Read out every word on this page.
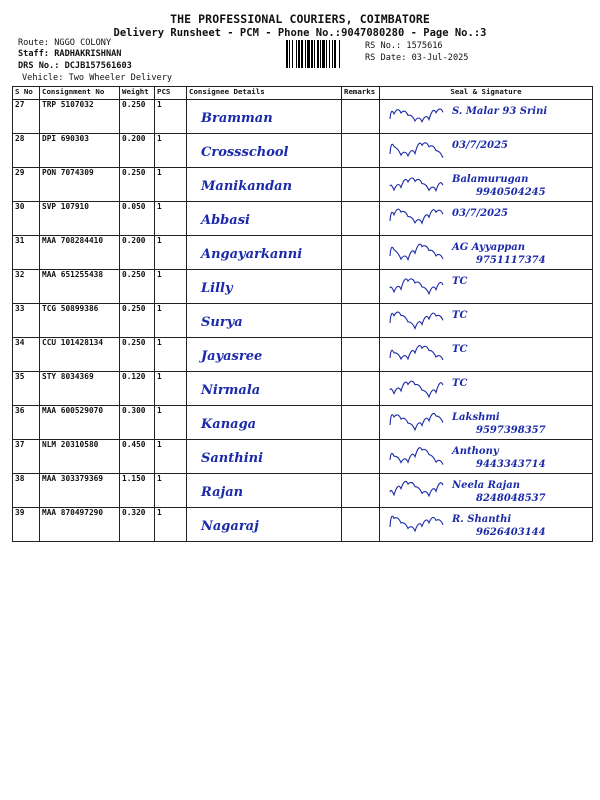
THE PROFESSIONAL COURIERS, COIMBATORE
Delivery Runsheet - PCM - Phone No.:9047080280 - Page No.:3
Route: NGGO COLONY
Staff: RADHAKRISHNAN
DRS No.: DCJB157561603
Vehicle: Two Wheeler Delivery
RS No.: 1575616
RS Date: 03-Jul-2025
S No	Consignment No	Weight	PCS	Consignee Details	Remarks	Seal & Signature
27	TRP 5107032	0.250	1	Bramman		S. Malar 93 Srini

28	DPI 690303	0.200	1	Crossschool		03/7/2025

29	PON 7074309	0.250	1	Manikandan		Balamurugan
9940504245

30	SVP 107910	0.050	1	Abbasi		03/7/2025

31	MAA 708284410	0.200	1	Angayarkanni		AG Ayyappan
9751117374

32	MAA 651255438	0.250	1	Lilly		TC

33	TCG 50899386	0.250	1	Surya		TC

34	CCU 101428134	0.250	1	Jayasree		TC

35	STY 8034369	0.120	1	Nirmala		TC

36	MAA 600529070	0.300	1	Kanaga		Lakshmi
9597398357

37	NLM 20310580	0.450	1	Santhini		Anthony
9443343714

38	MAA 303379369	1.150	1	Rajan		Neela Rajan
8248048537

39	MAA 870497290	0.320	1	Nagaraj		R. Shanthi
9626403144
